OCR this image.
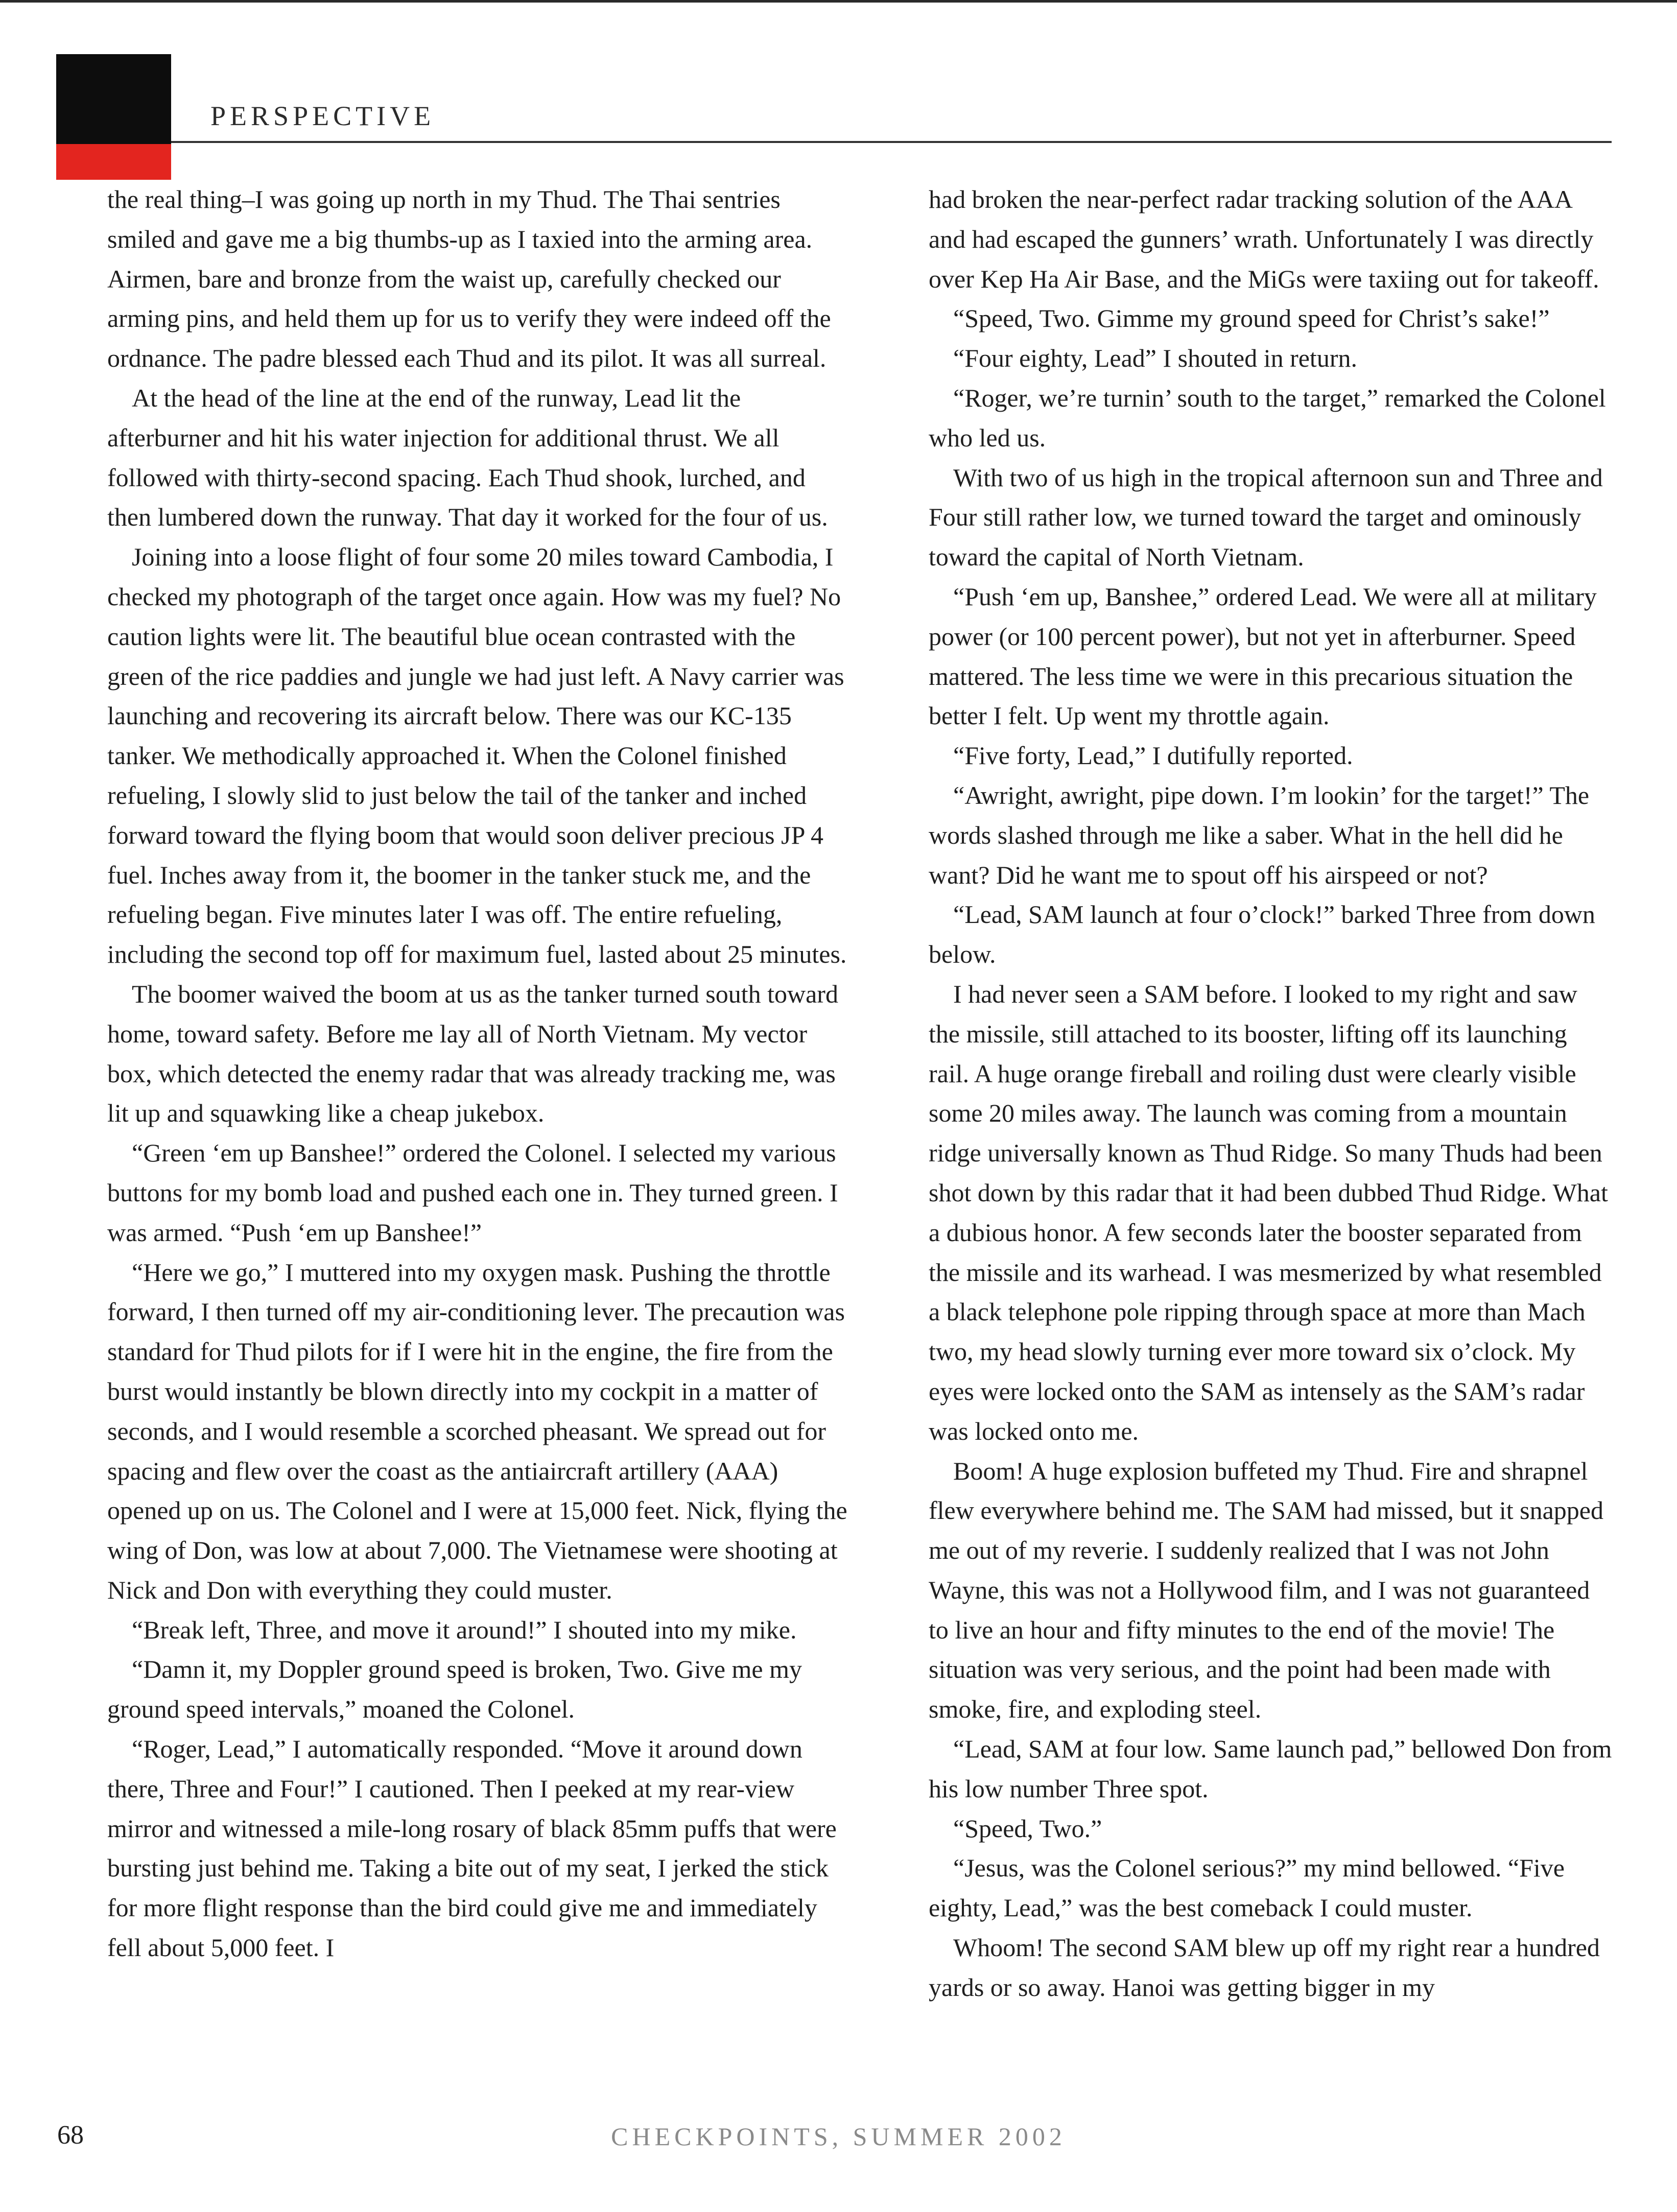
PERSPECTIVE

the real thing–I was going up north in my Thud. The Thai sentries smiled and gave me a big thumbs-up as I taxied into the arming area. Airmen, bare and bronze from the waist up, carefully checked our arming pins, and held them up for us to verify they were indeed off the ordnance. The padre blessed each Thud and its pilot. It was all surreal.

At the head of the line at the end of the runway, Lead lit the afterburner and hit his water injection for additional thrust. We all followed with thirty-second spacing. Each Thud shook, lurched, and then lumbered down the runway. That day it worked for the four of us.

Joining into a loose flight of four some 20 miles toward Cambodia, I checked my photograph of the target once again. How was my fuel? No caution lights were lit. The beautiful blue ocean contrasted with the green of the rice paddies and jungle we had just left. A Navy carrier was launching and recovering its aircraft below. There was our KC-135 tanker. We methodically approached it. When the Colonel finished refueling, I slowly slid to just below the tail of the tanker and inched forward toward the flying boom that would soon deliver precious JP 4 fuel. Inches away from it, the boomer in the tanker stuck me, and the refueling began. Five minutes later I was off. The entire refueling, including the second top off for maximum fuel, lasted about 25 minutes.

The boomer waived the boom at us as the tanker turned south toward home, toward safety. Before me lay all of North Vietnam. My vector box, which detected the enemy radar that was already tracking me, was lit up and squawking like a cheap jukebox.

“Green ‘em up Banshee!” ordered the Colonel. I selected my various buttons for my bomb load and pushed each one in. They turned green. I was armed. “Push ‘em up Banshee!”

“Here we go,” I muttered into my oxygen mask. Pushing the throttle forward, I then turned off my air-conditioning lever. The precaution was standard for Thud pilots for if I were hit in the engine, the fire from the burst would instantly be blown directly into my cockpit in a matter of seconds, and I would resemble a scorched pheasant. We spread out for spacing and flew over the coast as the antiaircraft artillery (AAA) opened up on us. The Colonel and I were at 15,000 feet. Nick, flying the wing of Don, was low at about 7,000. The Vietnamese were shooting at Nick and Don with everything they could muster.

“Break left, Three, and move it around!” I shouted into my mike.

“Damn it, my Doppler ground speed is broken, Two. Give me my ground speed intervals,” moaned the Colonel.

“Roger, Lead,” I automatically responded. “Move it around down there, Three and Four!” I cautioned. Then I peeked at my rear-view mirror and witnessed a mile-long rosary of black 85mm puffs that were bursting just behind me. Taking a bite out of my seat, I jerked the stick for more flight response than the bird could give me and immediately fell about 5,000 feet. I

had broken the near-perfect radar tracking solution of the AAA and had escaped the gunners’ wrath. Unfortunately I was directly over Kep Ha Air Base, and the MiGs were taxiing out for takeoff.

“Speed, Two. Gimme my ground speed for Christ’s sake!”

“Four eighty, Lead” I shouted in return.

“Roger, we’re turnin’ south to the target,” remarked the Colonel who led us.

With two of us high in the tropical afternoon sun and Three and Four still rather low, we turned toward the target and ominously toward the capital of North Vietnam.

“Push ‘em up, Banshee,” ordered Lead. We were all at military power (or 100 percent power), but not yet in afterburner. Speed mattered. The less time we were in this precarious situation the better I felt. Up went my throttle again.

“Five forty, Lead,” I dutifully reported.

“Awright, awright, pipe down. I’m lookin’ for the target!” The words slashed through me like a saber. What in the hell did he want? Did he want me to spout off his airspeed or not?

“Lead, SAM launch at four o’clock!” barked Three from down below.

I had never seen a SAM before. I looked to my right and saw the missile, still attached to its booster, lifting off its launching rail. A huge orange fireball and roiling dust were clearly visible some 20 miles away. The launch was coming from a mountain ridge universally known as Thud Ridge. So many Thuds had been shot down by this radar that it had been dubbed Thud Ridge. What a dubious honor. A few seconds later the booster separated from the missile and its warhead. I was mesmerized by what resembled a black telephone pole ripping through space at more than Mach two, my head slowly turning ever more toward six o’clock. My eyes were locked onto the SAM as intensely as the SAM’s radar was locked onto me.

Boom! A huge explosion buffeted my Thud. Fire and shrapnel flew everywhere behind me. The SAM had missed, but it snapped me out of my reverie. I suddenly realized that I was not John Wayne, this was not a Hollywood film, and I was not guaranteed to live an hour and fifty minutes to the end of the movie! The situation was very serious, and the point had been made with smoke, fire, and exploding steel.

“Lead, SAM at four low. Same launch pad,” bellowed Don from his low number Three spot.

“Speed, Two.”

“Jesus, was the Colonel serious?” my mind bellowed. “Five eighty, Lead,” was the best comeback I could muster.

Whoom! The second SAM blew up off my right rear a hundred yards or so away. Hanoi was getting bigger in my

68	CHECKPOINTS, SUMMER 2002
